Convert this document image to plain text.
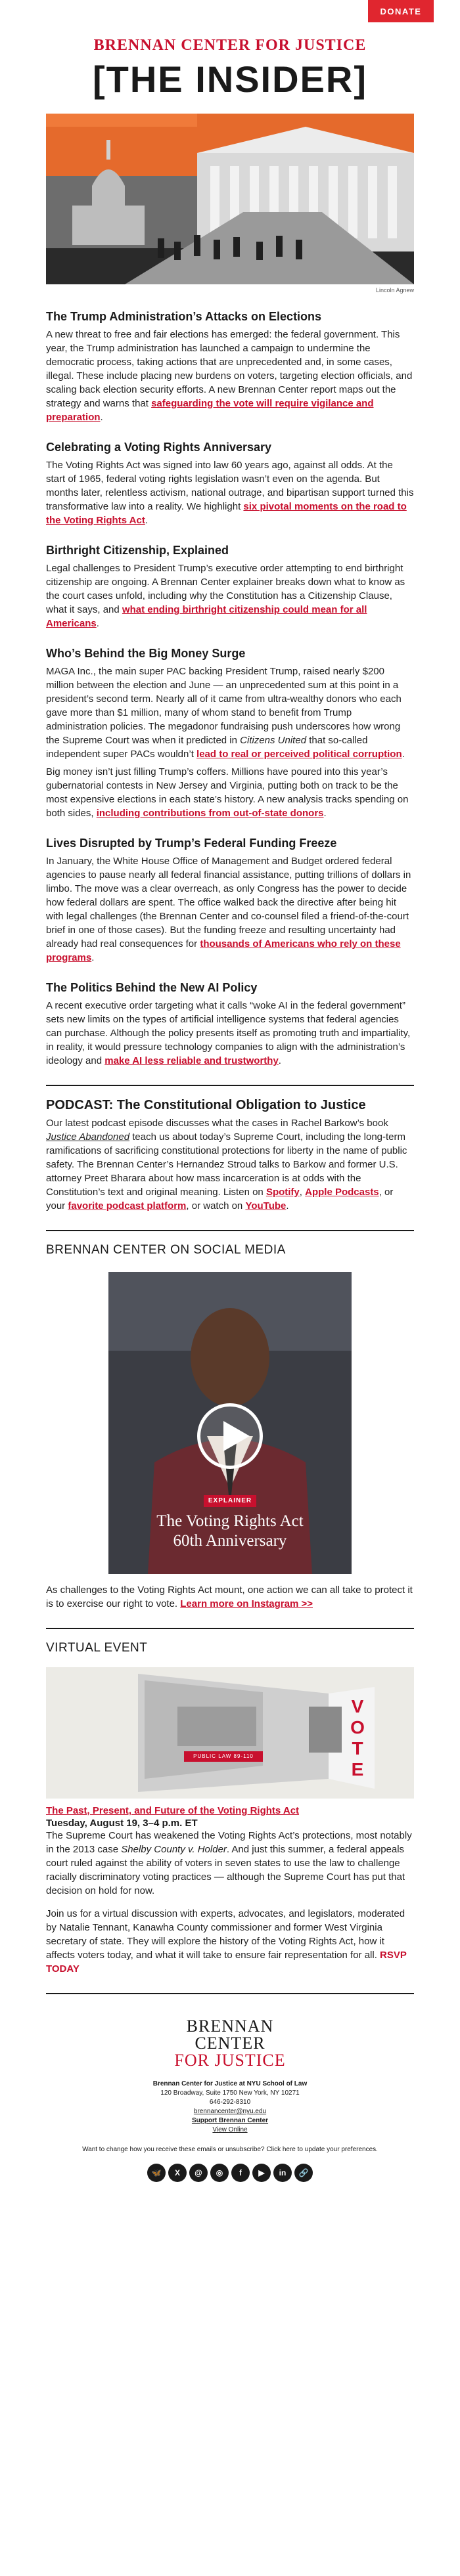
DONATE
BRENNAN CENTER FOR JUSTICE
[THE INSIDER]
Lincoln Agnew
The Trump Administration’s Attacks on Elections

A new threat to free and fair elections has emerged: the federal government. This year, the Trump administration has launched a campaign to undermine the democratic process, taking actions that are unprecedented and, in some cases, illegal. These include placing new burdens on voters, targeting election officials, and scaling back election security efforts. A new Brennan Center report maps out the strategy and warns that safeguarding the vote will require vigilance and preparation.

Celebrating a Voting Rights Anniversary

The Voting Rights Act was signed into law 60 years ago, against all odds. At the start of 1965, federal voting rights legislation wasn’t even on the agenda. But months later, relentless activism, national outrage, and bipartisan support turned this transformative law into a reality. We highlight six pivotal moments on the road to the Voting Rights Act.

Birthright Citizenship, Explained

Legal challenges to President Trump’s executive order attempting to end birthright citizenship are ongoing. A Brennan Center explainer breaks down what to know as the court cases unfold, including why the Constitution has a Citizenship Clause, what it says, and what ending birthright citizenship could mean for all Americans.

Who’s Behind the Big Money Surge

MAGA Inc., the main super PAC backing President Trump, raised nearly $200 million between the election and June — an unprecedented sum at this point in a president’s second term. Nearly all of it came from ultra-wealthy donors who each gave more than $1 million, many of whom stand to benefit from Trump administration policies. The megadonor fundraising push underscores how wrong the Supreme Court was when it predicted in Citizens United that so-called independent super PACs wouldn’t lead to real or perceived political corruption.

Big money isn’t just filling Trump’s coffers. Millions have poured into this year’s gubernatorial contests in New Jersey and Virginia, putting both on track to be the most expensive elections in each state’s history. A new analysis tracks spending on both sides, including contributions from out-of-state donors.

Lives Disrupted by Trump’s Federal Funding Freeze

In January, the White House Office of Management and Budget ordered federal agencies to pause nearly all federal financial assistance, putting trillions of dollars in limbo. The move was a clear overreach, as only Congress has the power to decide how federal dollars are spent. The office walked back the directive after being hit with legal challenges (the Brennan Center and co-counsel filed a friend-of-the-court brief in one of those cases). But the funding freeze and resulting uncertainty had already had real consequences for thousands of Americans who rely on these programs.

The Politics Behind the New AI Policy

A recent executive order targeting what it calls “woke AI in the federal government” sets new limits on the types of artificial intelligence systems that federal agencies can purchase. Although the policy presents itself as promoting truth and impartiality, in reality, it would pressure technology companies to align with the administration’s ideology and make AI less reliable and trustworthy.

PODCAST: The Constitutional Obligation to Justice

Our latest podcast episode discusses what the cases in Rachel Barkow’s book Justice Abandoned teach us about today’s Supreme Court, including the long-term ramifications of sacrificing constitutional protections for liberty in the name of public safety. The Brennan Center’s Hernandez Stroud talks to Barkow and former U.S. attorney Preet Bharara about how mass incarceration is at odds with the Constitution’s text and original meaning. Listen on Spotify, Apple Podcasts, or your favorite podcast platform, or watch on YouTube.

BRENNAN CENTER ON SOCIAL MEDIA
EXPLAINER
The Voting Rights Act
60th Anniversary

As challenges to the Voting Rights Act mount, one action we can all take to protect it is to exercise our right to vote. Learn more on Instagram >>

VIRTUAL EVENT
VOTE
PUBLIC LAW 89-110
The Past, Present, and Future of the Voting Rights Act
Tuesday, August 19, 3–4 p.m. ET

The Supreme Court has weakened the Voting Rights Act’s protections, most notably in the 2013 case Shelby County v. Holder. And just this summer, a federal appeals court ruled against the ability of voters in seven states to use the law to challenge racially discriminatory voting practices — although the Supreme Court has put that decision on hold for now.

Join us for a virtual discussion with experts, advocates, and legislators, moderated by Natalie Tennant, Kanawha County commissioner and former West Virginia secretary of state. They will explore the history of the Voting Rights Act, how it affects voters today, and what it will take to ensure fair representation for all. RSVP TODAY

BRENNAN
CENTER
FOR JUSTICE
Brennan Center for Justice at NYU School of Law
120 Broadway, Suite 1750 New York, NY 10271
646-292-8310
brennancenter@nyu.edu
Support Brennan Center
View Online
Want to change how you receive these emails or unsubscribe? Click here to update your preferences.
🦋	X	@	◎	f	▶	in	🔗
